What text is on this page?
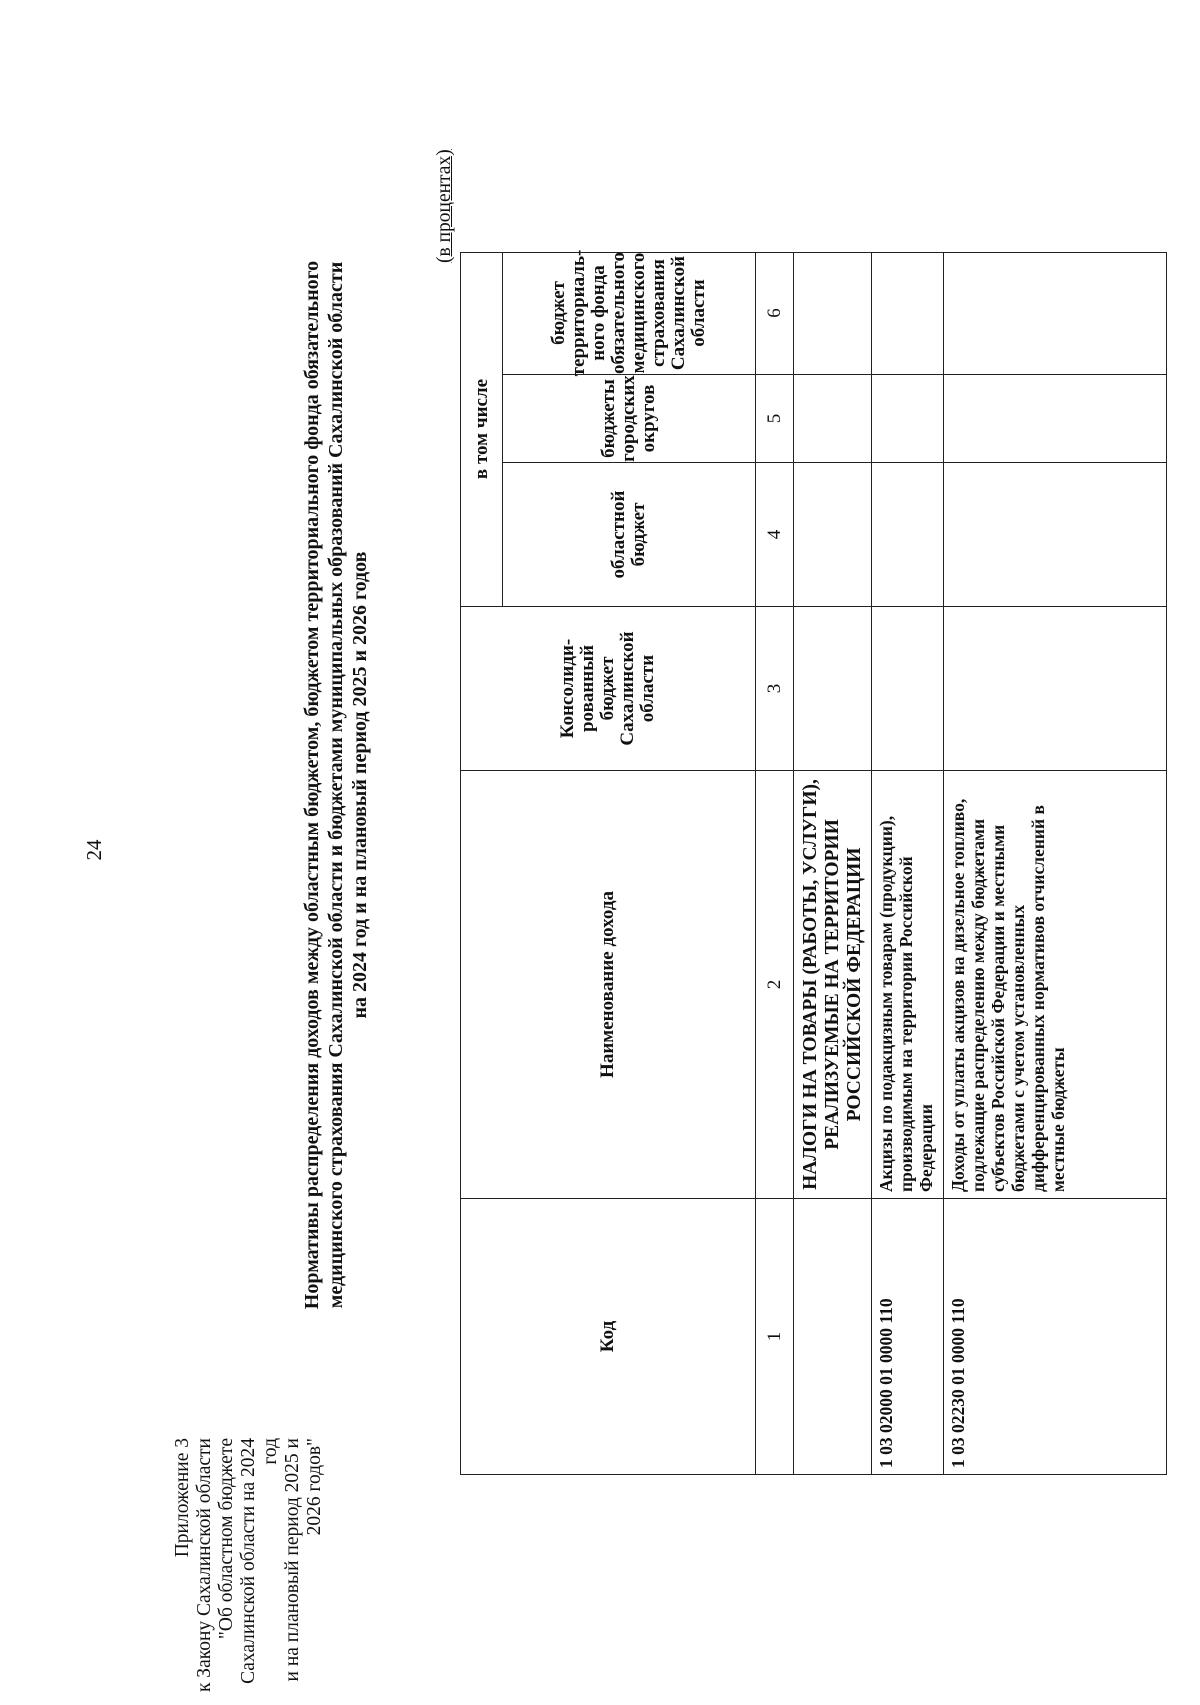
24
Приложение 3 к Закону Сахалинской области "Об областном бюджете Сахалинской области на 2024 год и на плановый период 2025 и 2026 годов"
Нормативы распределения доходов между областным бюджетом, бюджетом территориального фонда обязательного медицинского страхования Сахалинской области и бюджетами муниципальных образований Сахалинской области на 2024 год и на плановый период 2025 и 2026 годов
(в процентах)
Код
Наименование дохода
Консолиди-рованный бюджет Сахалинской области
в том числе
областной бюджет
бюджеты городских округов
бюджет территориаль-ного фонда обязательного медицинского страхования Сахалинской области
1
2
3
4
5
6
НАЛОГИ НА ТОВАРЫ (РАБОТЫ, УСЛУГИ), РЕАЛИЗУЕМЫЕ НА ТЕРРИТОРИИ РОССИЙСКОЙ ФЕДЕРАЦИИ
1 03 02000 01 0000 110
Акцизы по подакцизным товарам (продукции), производимым на территории Российской Федерации
1 03 02230 01 0000 110
Доходы от уплаты акцизов на дизельное топливо, подлежащие распределению между бюджетами субъектов Российской Федерации и местными бюджетами с учетом установленных дифференцированных нормативов отчислений в местные бюджеты
